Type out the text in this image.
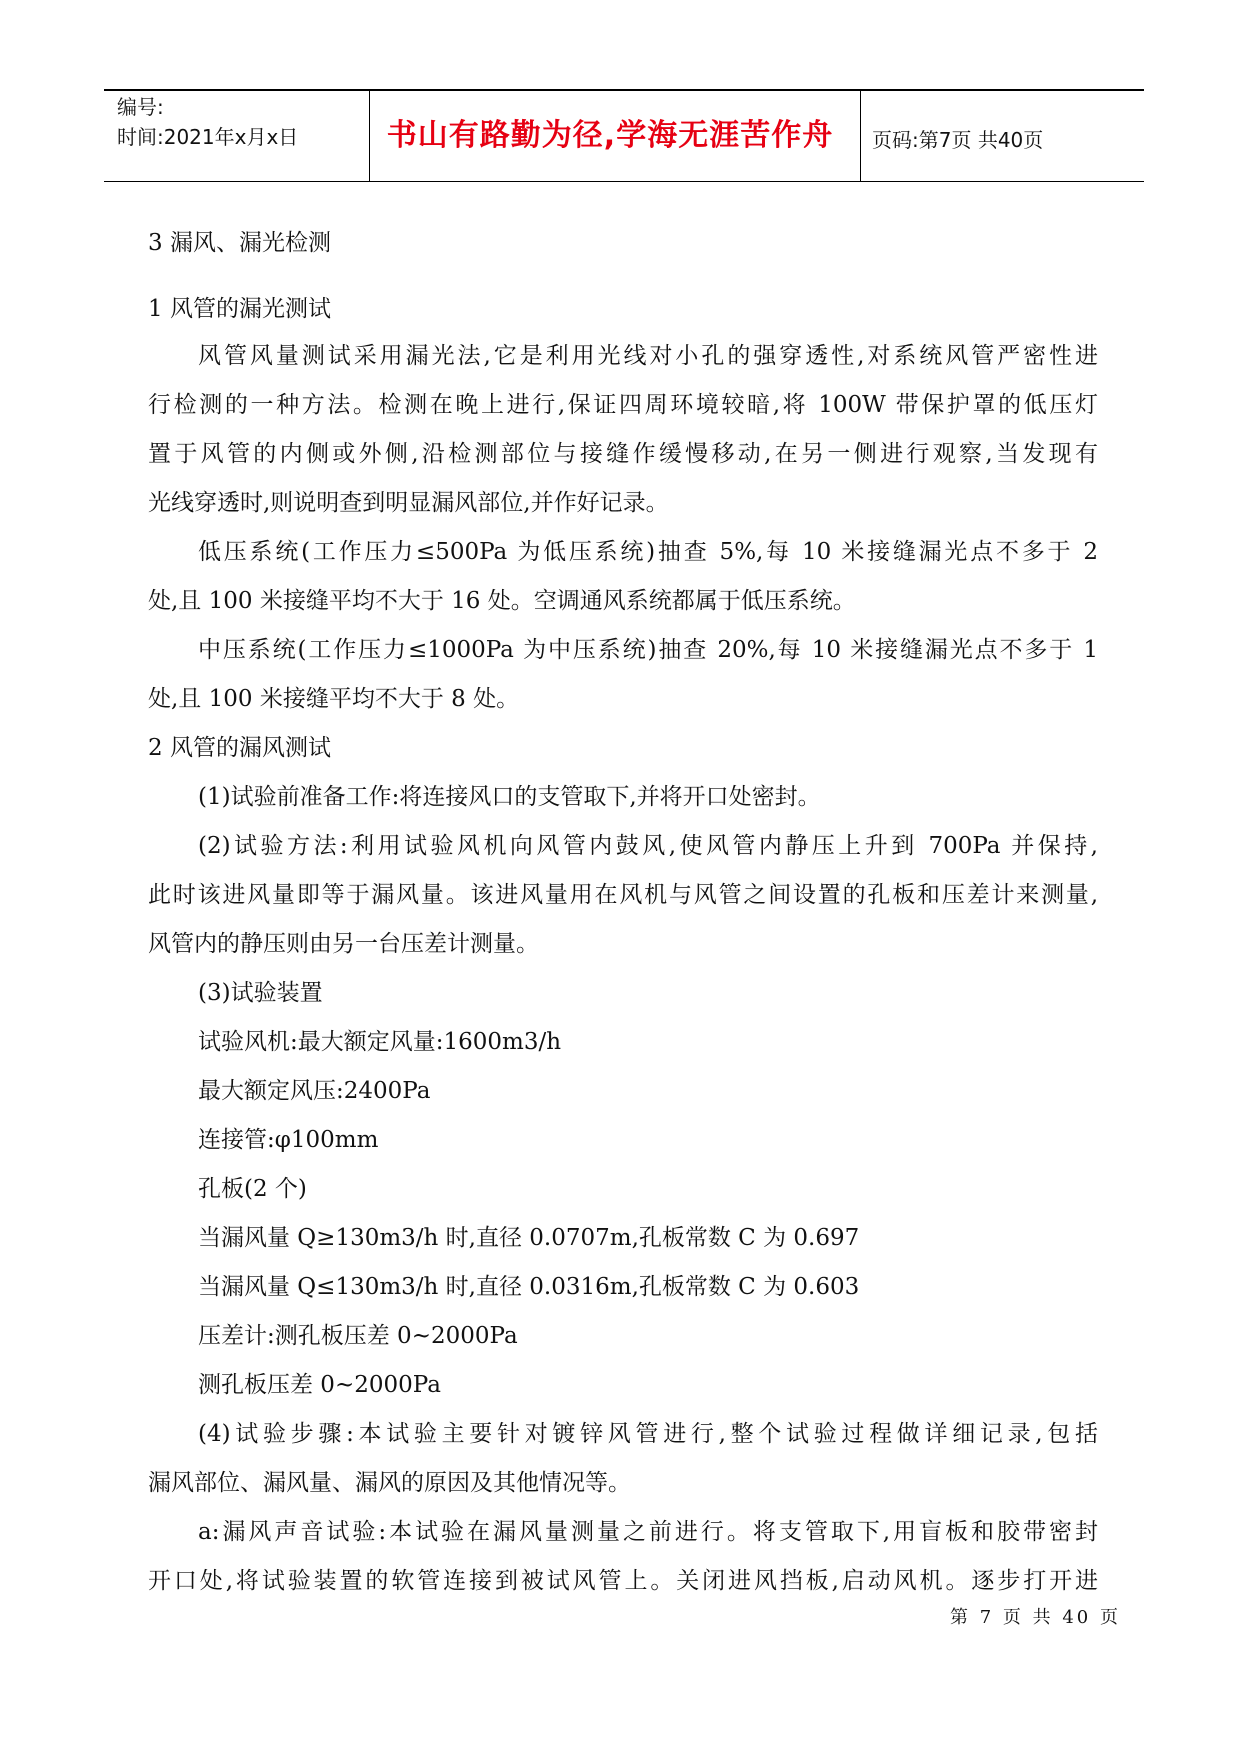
编号:
时间:2021年x月x日	书山有路勤为径,学海无涯苦作舟	页码:第7页 共40页
3 漏风、漏光检测
1 风管的漏光测试
风管风量测试采用漏光法,它是利用光线对小孔的强穿透性,对系统风管严密性进
行检测的一种方法。检测在晚上进行,保证四周环境较暗,将 100W 带保护罩的低压灯
置于风管的内侧或外侧,沿检测部位与接缝作缓慢移动,在另一侧进行观察,当发现有
光线穿透时,则说明查到明显漏风部位,并作好记录。
低压系统(工作压力≤500Pa 为低压系统)抽查 5%,每 10 米接缝漏光点不多于 2
处,且 100 米接缝平均不大于 16 处。空调通风系统都属于低压系统。
中压系统(工作压力≤1000Pa 为中压系统)抽查 20%,每 10 米接缝漏光点不多于 1
处,且 100 米接缝平均不大于 8 处。
2 风管的漏风测试
(1)试验前准备工作:将连接风口的支管取下,并将开口处密封。
(2)试验方法:利用试验风机向风管内鼓风,使风管内静压上升到 700Pa 并保持,
此时该进风量即等于漏风量。该进风量用在风机与风管之间设置的孔板和压差计来测量,
风管内的静压则由另一台压差计测量。
(3)试验装置
试验风机:最大额定风量:1600m3/h
最大额定风压:2400Pa
连接管:φ100mm
孔板(2 个)
当漏风量 Q≥130m3/h 时,直径 0.0707m,孔板常数 C 为 0.697
当漏风量 Q≤130m3/h 时,直径 0.0316m,孔板常数 C 为 0.603
压差计:测孔板压差 0~2000Pa
测孔板压差 0~2000Pa
(4)试验步骤:本试验主要针对镀锌风管进行,整个试验过程做详细记录,包括
漏风部位、漏风量、漏风的原因及其他情况等。
a:漏风声音试验:本试验在漏风量测量之前进行。将支管取下,用盲板和胶带密封
开口处,将试验装置的软管连接到被试风管上。关闭进风挡板,启动风机。逐步打开进
第 7 页 共 40 页
